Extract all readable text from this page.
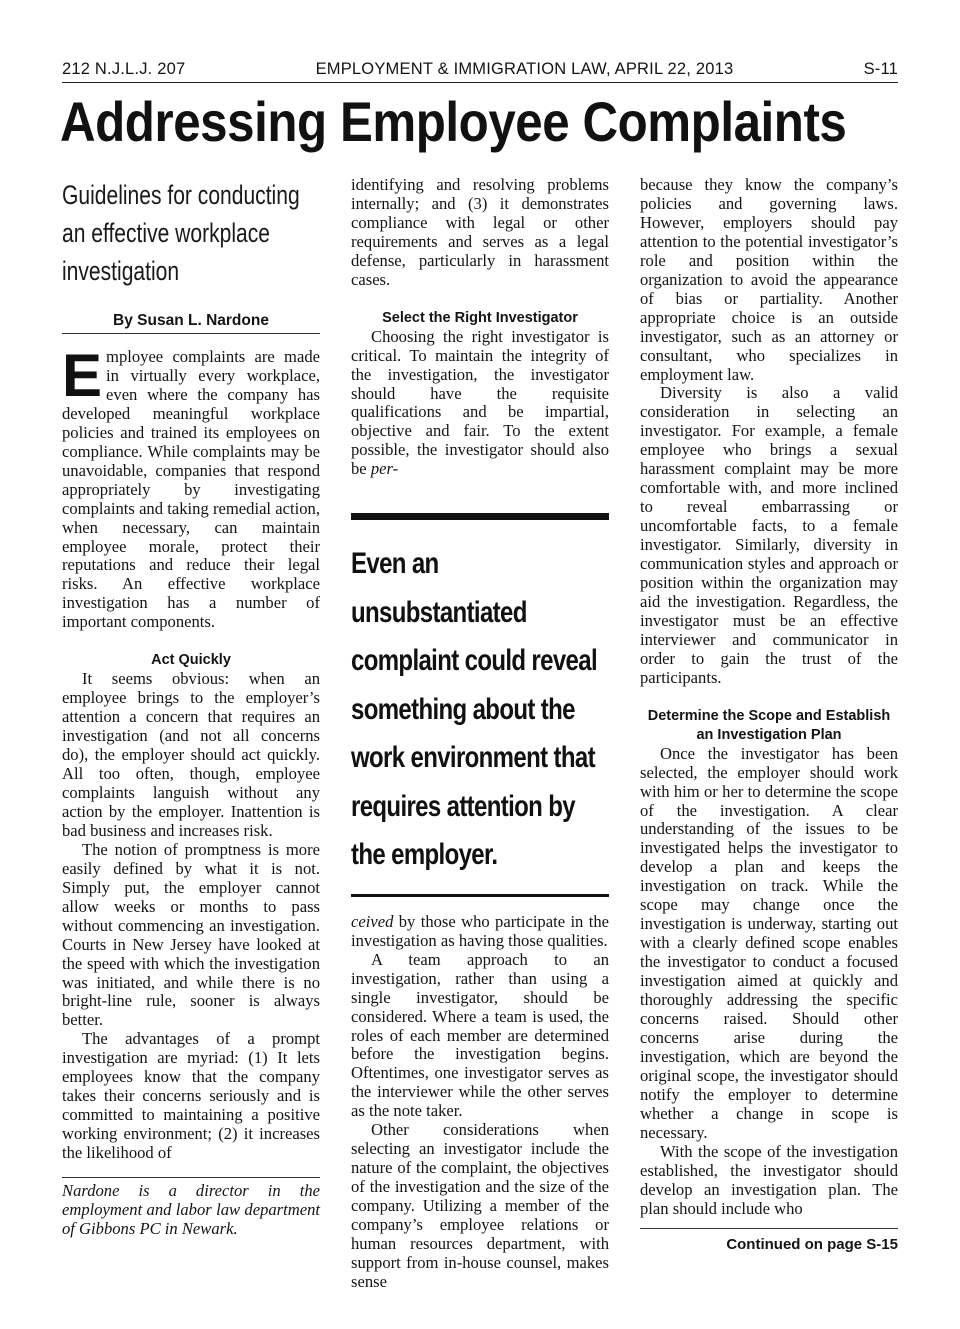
212 N.J.L.J. 207	EMPLOYMENT & IMMIGRATION LAW, APRIL 22, 2013	S-11
Addressing Employee Complaints

Guidelines for conducting an effective workplace investigation

By Susan L. Nardone
Employee complaints are made in virtually every workplace, even where the company has developed meaningful workplace policies and trained its employees on compliance. While complaints may be unavoidable, companies that respond appropriately by investigating complaints and taking remedial action, when necessary, can maintain employee morale, protect their reputations and reduce their legal risks. An effective workplace investigation has a number of important components.

Act Quickly

It seems obvious: when an employee brings to the employer’s attention a concern that requires an investigation (and not all concerns do), the employer should act quickly. All too often, though, employee complaints languish without any action by the employer. Inattention is bad business and increases risk.

The notion of promptness is more easily defined by what it is not. Simply put, the employer cannot allow weeks or months to pass without commencing an investigation. Courts in New Jersey have looked at the speed with which the investigation was initiated, and while there is no bright-line rule, sooner is always better.

The advantages of a prompt investigation are myriad: (1) It lets employees know that the company takes their concerns seriously and is committed to maintaining a positive working environment; (2) it increases the likelihood of

Nardone is a director in the employment and labor law department of Gibbons PC in Newark.

identifying and resolving problems internally; and (3) it demonstrates compliance with legal or other requirements and serves as a legal defense, particularly in harassment cases.

Select the Right Investigator

Choosing the right investigator is critical. To maintain the integrity of the investigation, the investigator should have the requisite qualifications and be impartial, objective and fair. To the extent possible, the investigator should also be per-

Even an unsubstantiated complaint could reveal something about the work environment that requires attention by the employer.

ceived by those who participate in the investigation as having those qualities.

A team approach to an investigation, rather than using a single investigator, should be considered. Where a team is used, the roles of each member are determined before the investigation begins. Oftentimes, one investigator serves as the interviewer while the other serves as the note taker.

Other considerations when selecting an investigator include the nature of the complaint, the objectives of the investigation and the size of the company. Utilizing a member of the company’s employee relations or human resources department, with support from in-house counsel, makes sense

because they know the company’s policies and governing laws. However, employers should pay attention to the potential investigator’s role and position within the organization to avoid the appearance of bias or partiality. Another appropriate choice is an outside investigator, such as an attorney or consultant, who specializes in employment law.

Diversity is also a valid consideration in selecting an investigator. For example, a female employee who brings a sexual harassment complaint may be more comfortable with, and more inclined to reveal embarrassing or uncomfortable facts, to a female investigator. Similarly, diversity in communication styles and approach or position within the organization may aid the investigation. Regardless, the investigator must be an effective interviewer and communicator in order to gain the trust of the participants.

Determine the Scope and Establish an Investigation Plan

Once the investigator has been selected, the employer should work with him or her to determine the scope of the investigation. A clear understanding of the issues to be investigated helps the investigator to develop a plan and keeps the investigation on track. While the scope may change once the investigation is underway, starting out with a clearly defined scope enables the investigator to conduct a focused investigation aimed at quickly and thoroughly addressing the specific concerns raised. Should other concerns arise during the investigation, which are beyond the original scope, the investigator should notify the employer to determine whether a change in scope is necessary.

With the scope of the investigation established, the investigator should develop an investigation plan. The plan should include who

Continued on page S-15
